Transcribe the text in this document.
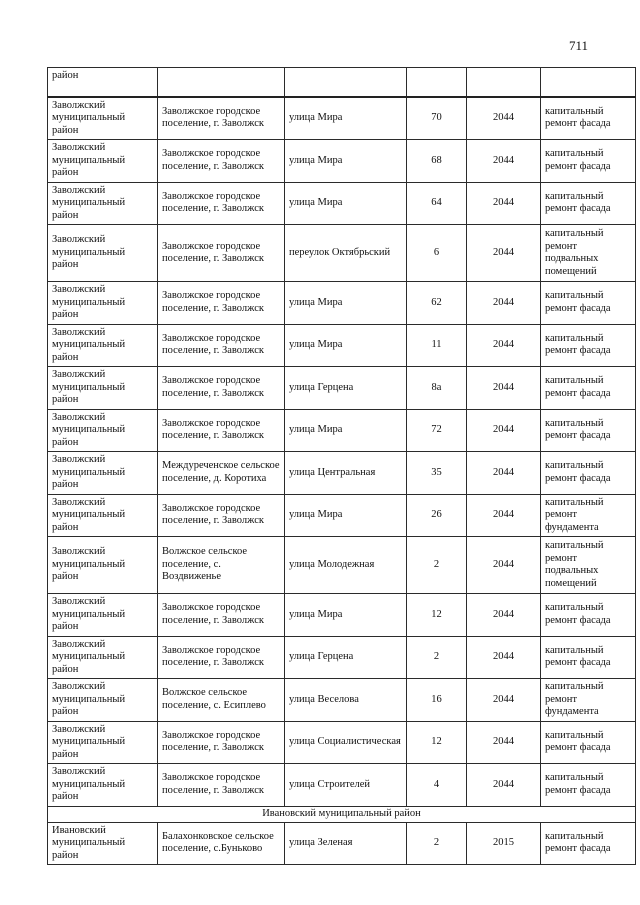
711
район					
Заволжский муниципальный район	Заволжское городское поселение, г. Заволжск	улица Мира	70	2044	капитальный ремонт фасада
Заволжский муниципальный район	Заволжское городское поселение, г. Заволжск	улица Мира	68	2044	капитальный ремонт фасада
Заволжский муниципальный район	Заволжское городское поселение, г. Заволжск	улица Мира	64	2044	капитальный ремонт фасада
Заволжский муниципальный район	Заволжское городское поселение, г. Заволжск	переулок Октябрьский	6	2044	капитальный ремонт подвальных помещений
Заволжский муниципальный район	Заволжское городское поселение, г. Заволжск	улица Мира	62	2044	капитальный ремонт фасада
Заволжский муниципальный район	Заволжское городское поселение, г. Заволжск	улица Мира	11	2044	капитальный ремонт фасада
Заволжский муниципальный район	Заволжское городское поселение, г. Заволжск	улица Герцена	8а	2044	капитальный ремонт фасада
Заволжский муниципальный район	Заволжское городское поселение, г. Заволжск	улица Мира	72	2044	капитальный ремонт фасада
Заволжский муниципальный район	Междуреченское сельское поселение, д. Коротиха	улица Центральная	35	2044	капитальный ремонт фасада
Заволжский муниципальный район	Заволжское городское поселение, г. Заволжск	улица Мира	26	2044	капитальный ремонт фундамента
Заволжский муниципальный район	Волжское сельское поселение, с. Воздвиженье	улица Молодежная	2	2044	капитальный ремонт подвальных помещений
Заволжский муниципальный район	Заволжское городское поселение, г. Заволжск	улица Мира	12	2044	капитальный ремонт фасада
Заволжский муниципальный район	Заволжское городское поселение, г. Заволжск	улица Герцена	2	2044	капитальный ремонт фасада
Заволжский муниципальный район	Волжское сельское поселение, с. Есиплево	улица Веселова	16	2044	капитальный ремонт фундамента
Заволжский муниципальный район	Заволжское городское поселение, г. Заволжск	улица Социалистическая	12	2044	капитальный ремонт фасада
Заволжский муниципальный район	Заволжское городское поселение, г. Заволжск	улица Строителей	4	2044	капитальный ремонт фасада
Ивановский муниципальный район					
Ивановский муниципальный район	Балахонковское сельское поселение, с.Буньково	улица Зеленая	2	2015	капитальный ремонт фасада
